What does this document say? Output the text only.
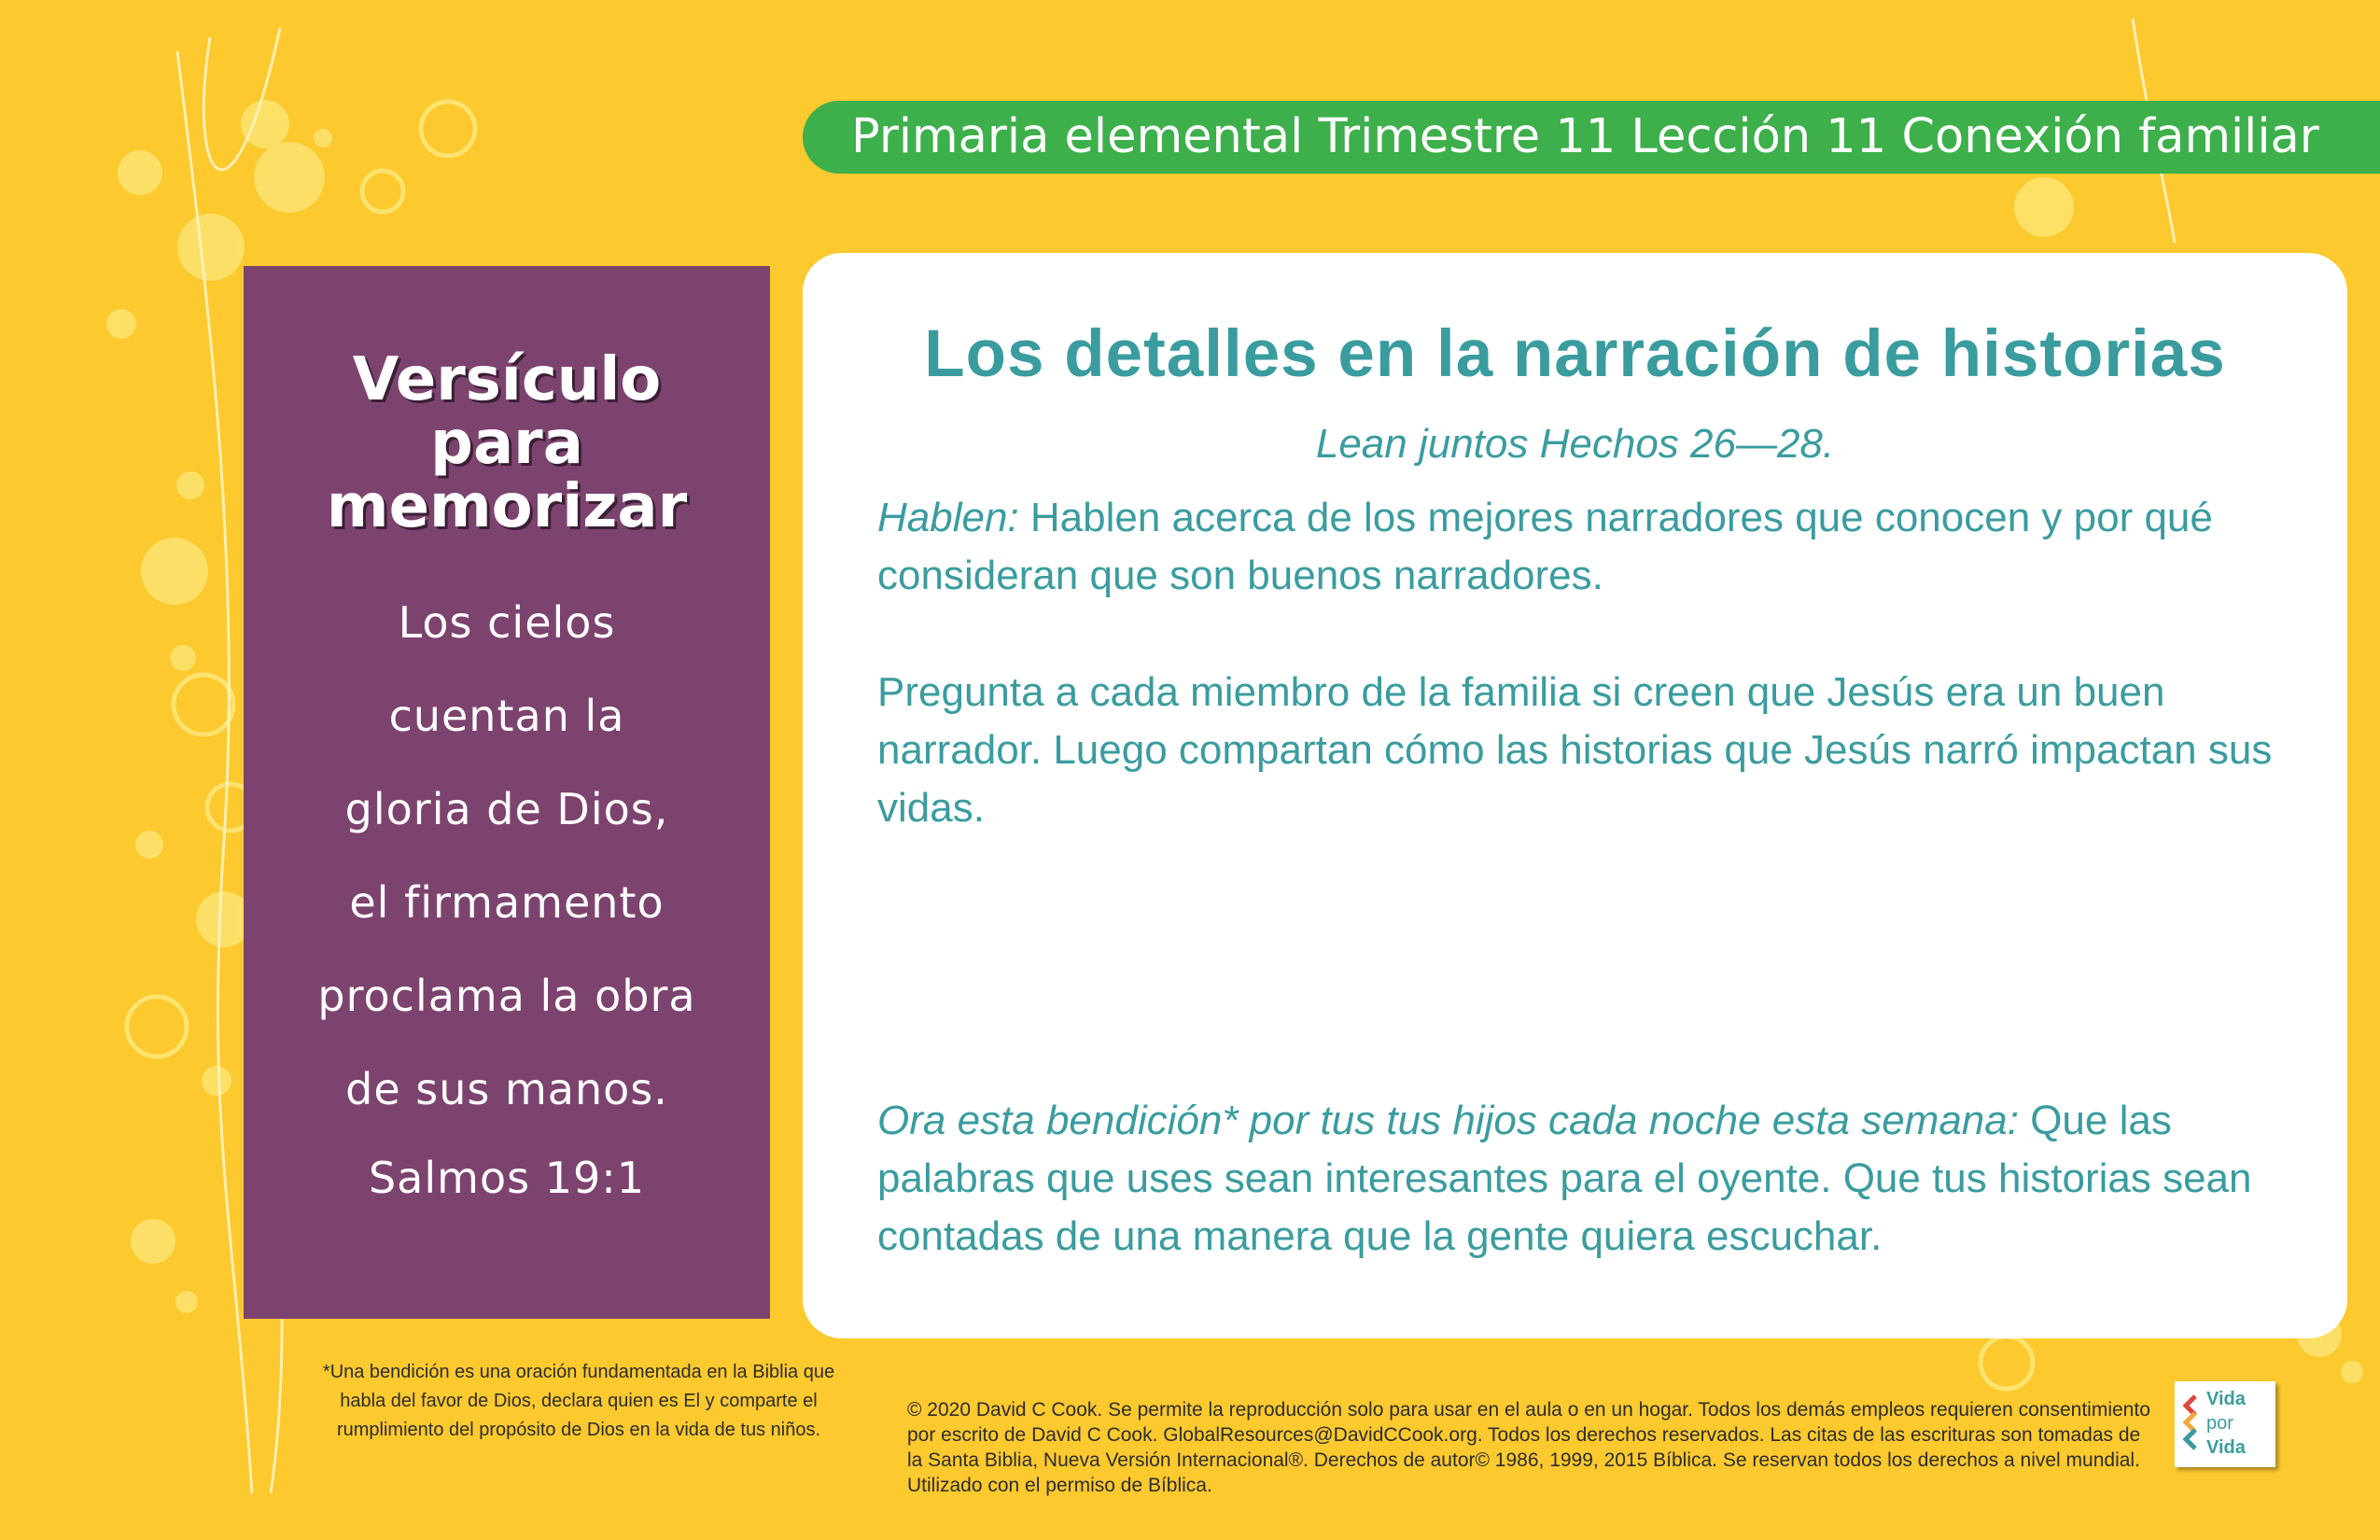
Primaria elemental Trimestre 11 Lección 11 Conexión familiar
Versículo
para
memorizar
Los cielos
cuentan la
gloria de Dios,
el firmamento
proclama la obra
de sus manos.
Salmos 19:1
Los detalles en la narración de historias
Lean juntos Hechos 26—28.
Hablen: Hablen acerca de los mejores narradores que conocen y por qué consideran que son buenos narradores.
Pregunta a cada miembro de la familia si creen que Jesús era un buen narrador. Luego compartan cómo las historias que Jesús narró impactan sus vidas.
Ora esta bendición* por tus tus hijos cada noche esta semana: Que las palabras que uses sean interesantes para el oyente. Que tus historias sean contadas de una manera que la gente quiera escuchar.
*Una bendición es una oración fundamentada en la Biblia que habla del favor de Dios, declara quien es El y comparte el rumplimiento del propósito de Dios en la vida de tus niños.
© 2020 David C Cook. Se permite la reproducción solo para usar en el aula o en un hogar. Todos los demás empleos requieren consentimiento por escrito de David C Cook. GlobalResources@DavidCCook.org. Todos los derechos reservados. Las citas de las escrituras son tomadas de la Santa Biblia, Nueva Versión Internacional®. Derechos de autor© 1986, 1999, 2015 Bíblica. Se reservan todos los derechos a nivel mundial. Utilizado con el permiso de Bíblica.
Vida
por
Vida
